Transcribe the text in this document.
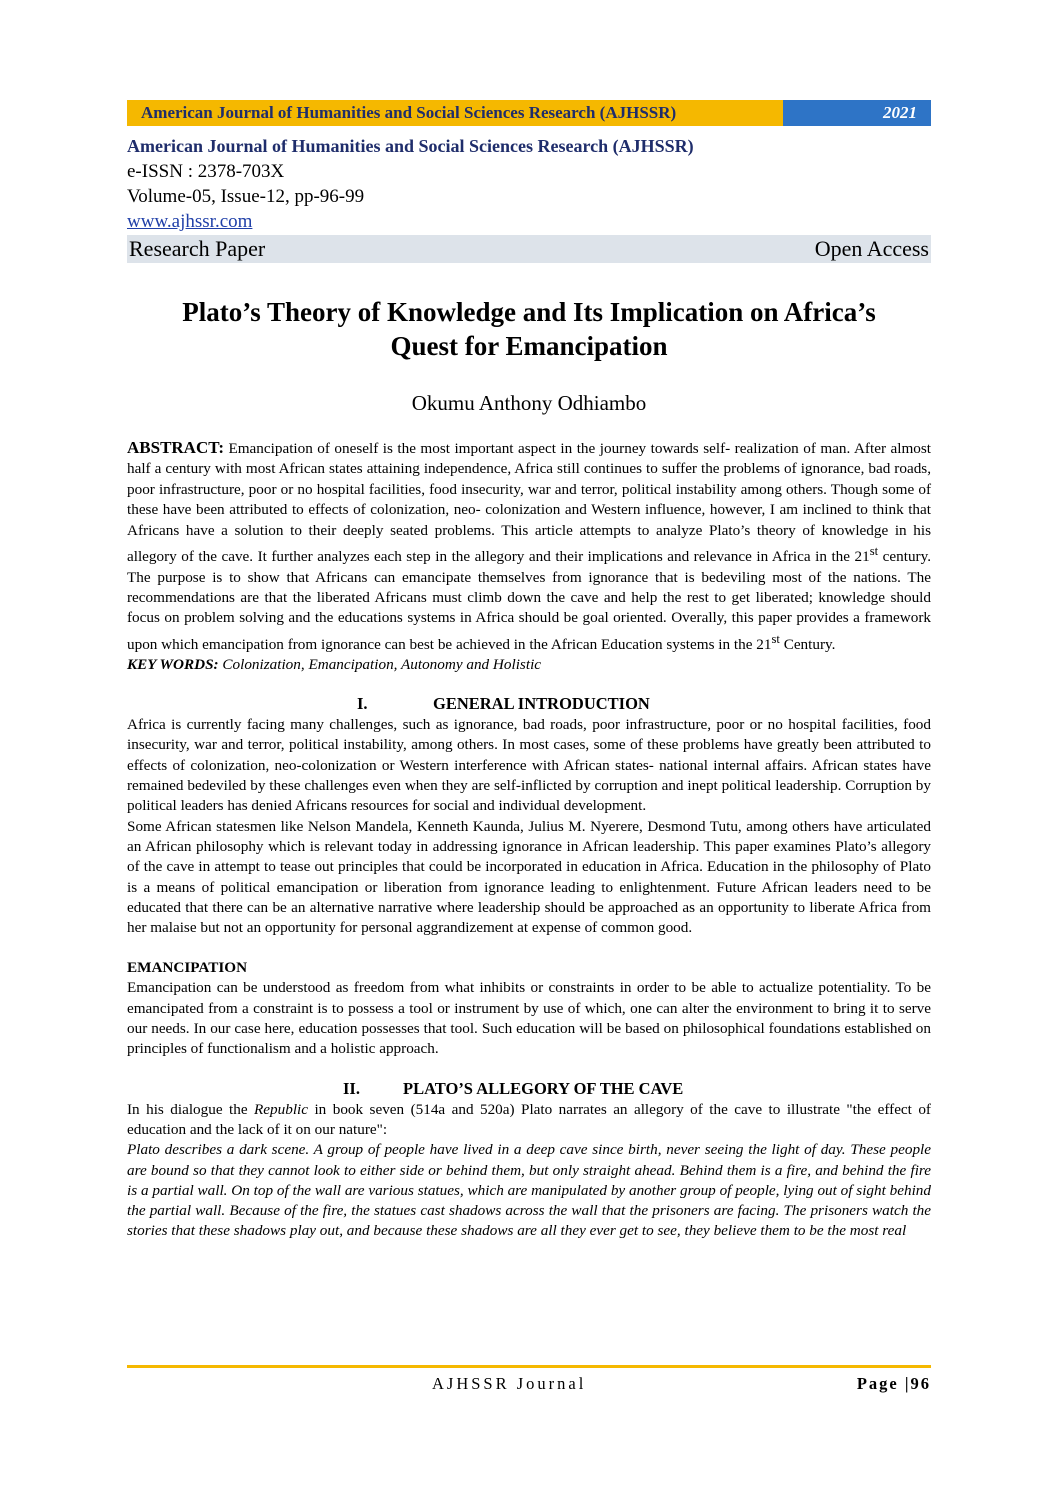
American Journal of Humanities and Social Sciences Research (AJHSSR)	2021
American Journal of Humanities and Social Sciences Research (AJHSSR)
e-ISSN : 2378-703X
Volume-05, Issue-12, pp-96-99
www.ajhssr.com
Research Paper	Open Access
Plato’s Theory of Knowledge and Its Implication on Africa’s
Quest for Emancipation
Okumu Anthony Odhiambo
ABSTRACT: Emancipation of oneself is the most important aspect in the journey towards self- realization of man. After almost half a century with most African states attaining independence, Africa still continues to suffer the problems of ignorance, bad roads, poor infrastructure, poor or no hospital facilities, food insecurity, war and terror, political instability among others. Though some of these have been attributed to effects of colonization, neo- colonization and Western influence, however, I am inclined to think that Africans have a solution to their deeply seated problems. This article attempts to analyze Plato’s theory of knowledge in his allegory of the cave. It further analyzes each step in the allegory and their implications and relevance in Africa in the 21st century. The purpose is to show that Africans can emancipate themselves from ignorance that is bedeviling most of the nations. The recommendations are that the liberated Africans must climb down the cave and help the rest to get liberated; knowledge should focus on problem solving and the educations systems in Africa should be goal oriented. Overally, this paper provides a framework upon which emancipation from ignorance can best be achieved in the African Education systems in the 21st Century.
KEY WORDS: Colonization, Emancipation, Autonomy and Holistic
I.	GENERAL INTRODUCTION

Africa is currently facing many challenges, such as ignorance, bad roads, poor infrastructure, poor or no hospital facilities, food insecurity, war and terror, political instability, among others. In most cases, some of these problems have greatly been attributed to effects of colonization, neo-colonization or Western interference with African states- national internal affairs. African states have remained bedeviled by these challenges even when they are self-inflicted by corruption and inept political leadership. Corruption by political leaders has denied Africans resources for social and individual development.

Some African statesmen like Nelson Mandela, Kenneth Kaunda, Julius M. Nyerere, Desmond Tutu, among others have articulated an African philosophy which is relevant today in addressing ignorance in African leadership. This paper examines Plato’s allegory of the cave in attempt to tease out principles that could be incorporated in education in Africa. Education in the philosophy of Plato is a means of political emancipation or liberation from ignorance leading to enlightenment. Future African leaders need to be educated that there can be an alternative narrative where leadership should be approached as an opportunity to liberate Africa from her malaise but not an opportunity for personal aggrandizement at expense of common good.

EMANCIPATION

Emancipation can be understood as freedom from what inhibits or constraints in order to be able to actualize potentiality. To be emancipated from a constraint is to possess a tool or instrument by use of which, one can alter the environment to bring it to serve our needs. In our case here, education possesses that tool. Such education will be based on philosophical foundations established on principles of functionalism and a holistic approach.

II.	PLATO’S ALLEGORY OF THE CAVE

In his dialogue the Republic in book seven (514a and 520a) Plato narrates an allegory of the cave to illustrate "the effect of education and the lack of it on our nature":

Plato describes a dark scene. A group of people have lived in a deep cave since birth, never seeing the light of day. These people are bound so that they cannot look to either side or behind them, but only straight ahead. Behind them is a fire, and behind the fire is a partial wall. On top of the wall are various statues, which are manipulated by another group of people, lying out of sight behind the partial wall. Because of the fire, the statues cast shadows across the wall that the prisoners are facing. The prisoners watch the stories that these shadows play out, and because these shadows are all they ever get to see, they believe them to be the most real

AJHSSR Journal	Page |96
